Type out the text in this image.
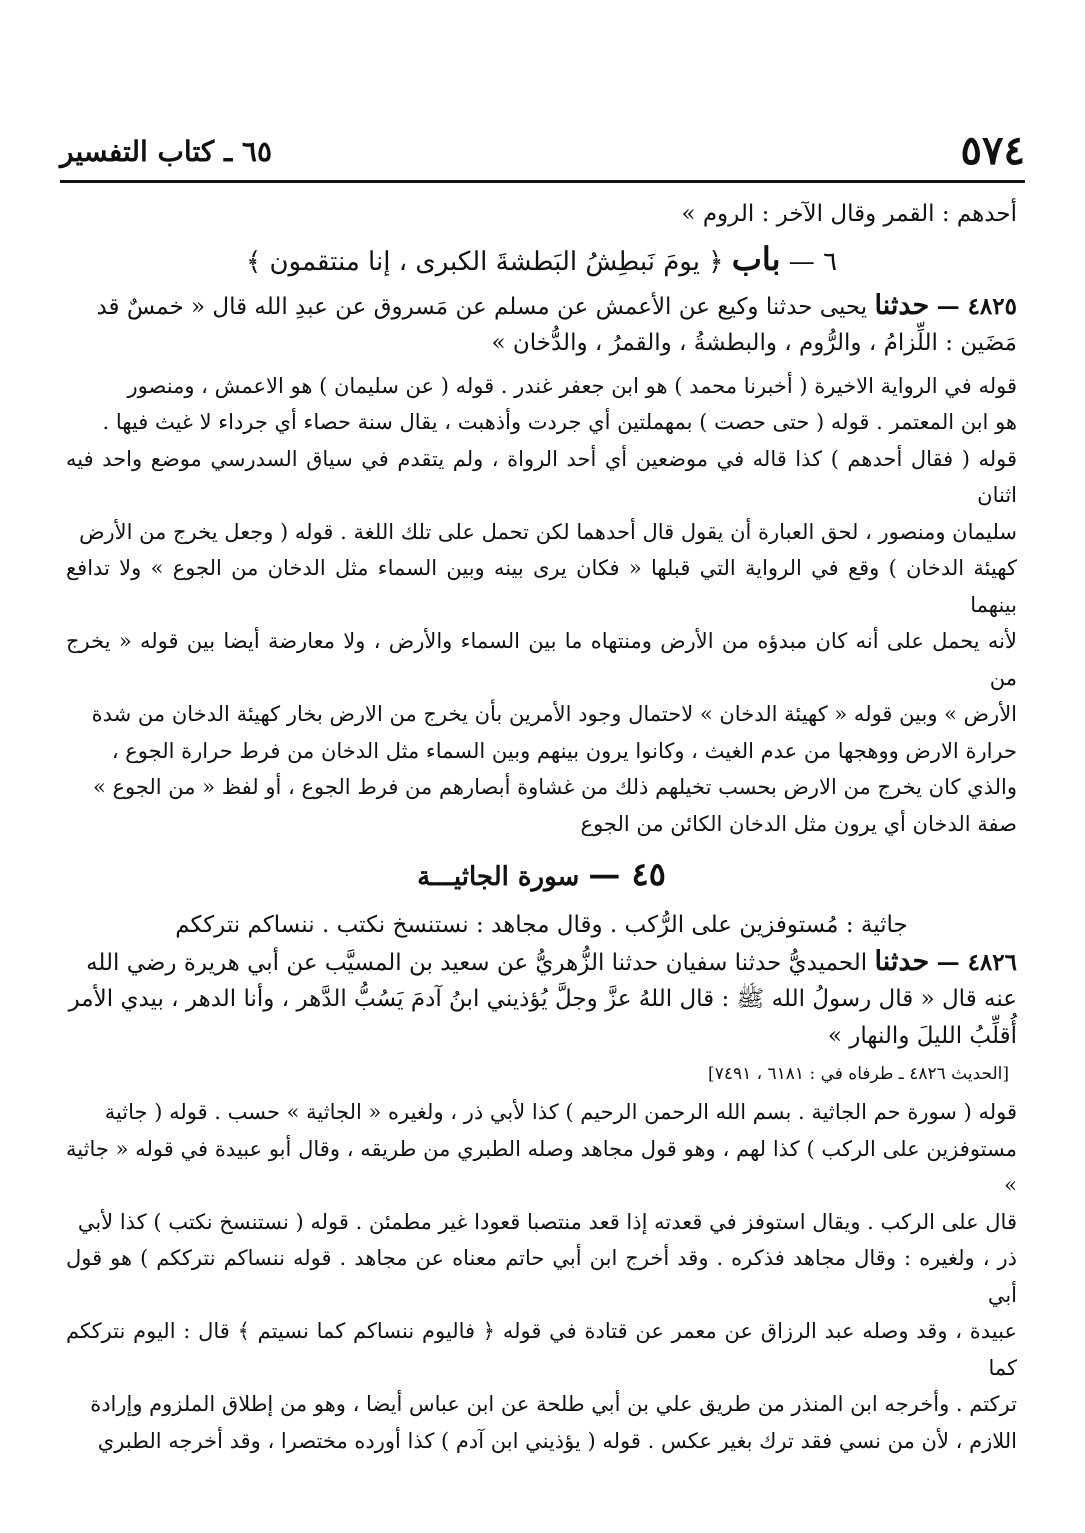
٥٧٤
٦٥ ـ كتاب التفسير

أحدهم : القمر وقال الآخر : الروم »

٦ — باب ﴿ يومَ نَبطِشُ البَطشةَ الكبرى ، إنا منتقمون ﴾

٤٨٢٥ — حدثنا يحيى حدثنا وكيع عن الأعمش عن مسلم عن مَسروق عن عبدِ الله قال « خمسٌ قد

مَضَين : اللِّزامُ ، والرُّوم ، والبطشةُ ، والقمرُ ، والدُّخان »

قوله في الرواية الاخيرة ( أخبرنا محمد ) هو ابن جعفر غندر . قوله ( عن سليمان ) هو الاعمش ، ومنصور

هو ابن المعتمر . قوله ( حتى حصت ) بمهملتين أي جردت وأذهبت ، يقال سنة حصاء أي جرداء لا غيث فيها .

قوله ( فقال أحدهم ) كذا قاله في موضعين أي أحد الرواة ، ولم يتقدم في سياق السدرسي موضع واحد فيه اثنان

سليمان ومنصور ، لحق العبارة أن يقول قال أحدهما لكن تحمل على تلك اللغة . قوله ( وجعل يخرج من الأرض

كهيئة الدخان ) وقع في الرواية التي قبلها « فكان يرى بينه وبين السماء مثل الدخان من الجوع » ولا تدافع بينهما

لأنه يحمل على أنه كان مبدؤه من الأرض ومنتهاه ما بين السماء والأرض ، ولا معارضة أيضا بين قوله « يخرج من

الأرض » وبين قوله « كهيئة الدخان » لاحتمال وجود الأمرين بأن يخرج من الارض بخار كهيئة الدخان من شدة

حرارة الارض ووهجها من عدم الغيث ، وكانوا يرون بينهم وبين السماء مثل الدخان من فرط حرارة الجوع ،

والذي كان يخرج من الارض بحسب تخيلهم ذلك من غشاوة أبصارهم من فرط الجوع ، أو لفظ « من الجوع »

صفة الدخان أي يرون مثل الدخان الكائن من الجوع

٤٥ — سورة الجاثيـــة

جاثية : مُستوفزين على الرُّكب . وقال مجاهد : نستنسخ نكتب . ننساكم نترككم

٤٨٢٦ — حدثنا الحميديُّ حدثنا سفيان حدثنا الزُّهريُّ عن سعيد بن المسيَّب عن أبي هريرة رضي الله

عنه قال « قال رسولُ الله ﷺ : قال اللهُ عزَّ وجلَّ يُؤذيني ابنُ آدمَ يَسُبُّ الدَّهر ، وأنا الدهر ، بيدي الأمر

أُقلِّبُ الليلَ والنهار »

[الحديث ٤٨٢٦ ـ طرفاه في : ٦١٨١ ، ٧٤٩١]

قوله ( سورة حم الجاثية . بسم الله الرحمن الرحيم ) كذا لأبي ذر ، ولغيره « الجاثية » حسب . قوله ( جاثية

مستوفزين على الركب ) كذا لهم ، وهو قول مجاهد وصله الطبري من طريقه ، وقال أبو عبيدة في قوله « جاثية »

قال على الركب . ويقال استوفز في قعدته إذا قعد منتصبا قعودا غير مطمئن . قوله ( نستنسخ نكتب ) كذا لأبي

ذر ، ولغيره : وقال مجاهد فذكره . وقد أخرج ابن أبي حاتم معناه عن مجاهد . قوله ننساكم نترككم ) هو قول أبي

عبيدة ، وقد وصله عبد الرزاق عن معمر عن قتادة في قوله ﴿ فاليوم ننساكم كما نسيتم ﴾ قال : اليوم نترككم كما

تركتم . وأخرجه ابن المنذر من طريق علي بن أبي طلحة عن ابن عباس أيضا ، وهو من إطلاق الملزوم وإرادة

اللازم ، لأن من نسي فقد ترك بغير عكس . قوله ( يؤذيني ابن آدم ) كذا أورده مختصرا ، وقد أخرجه الطبري
